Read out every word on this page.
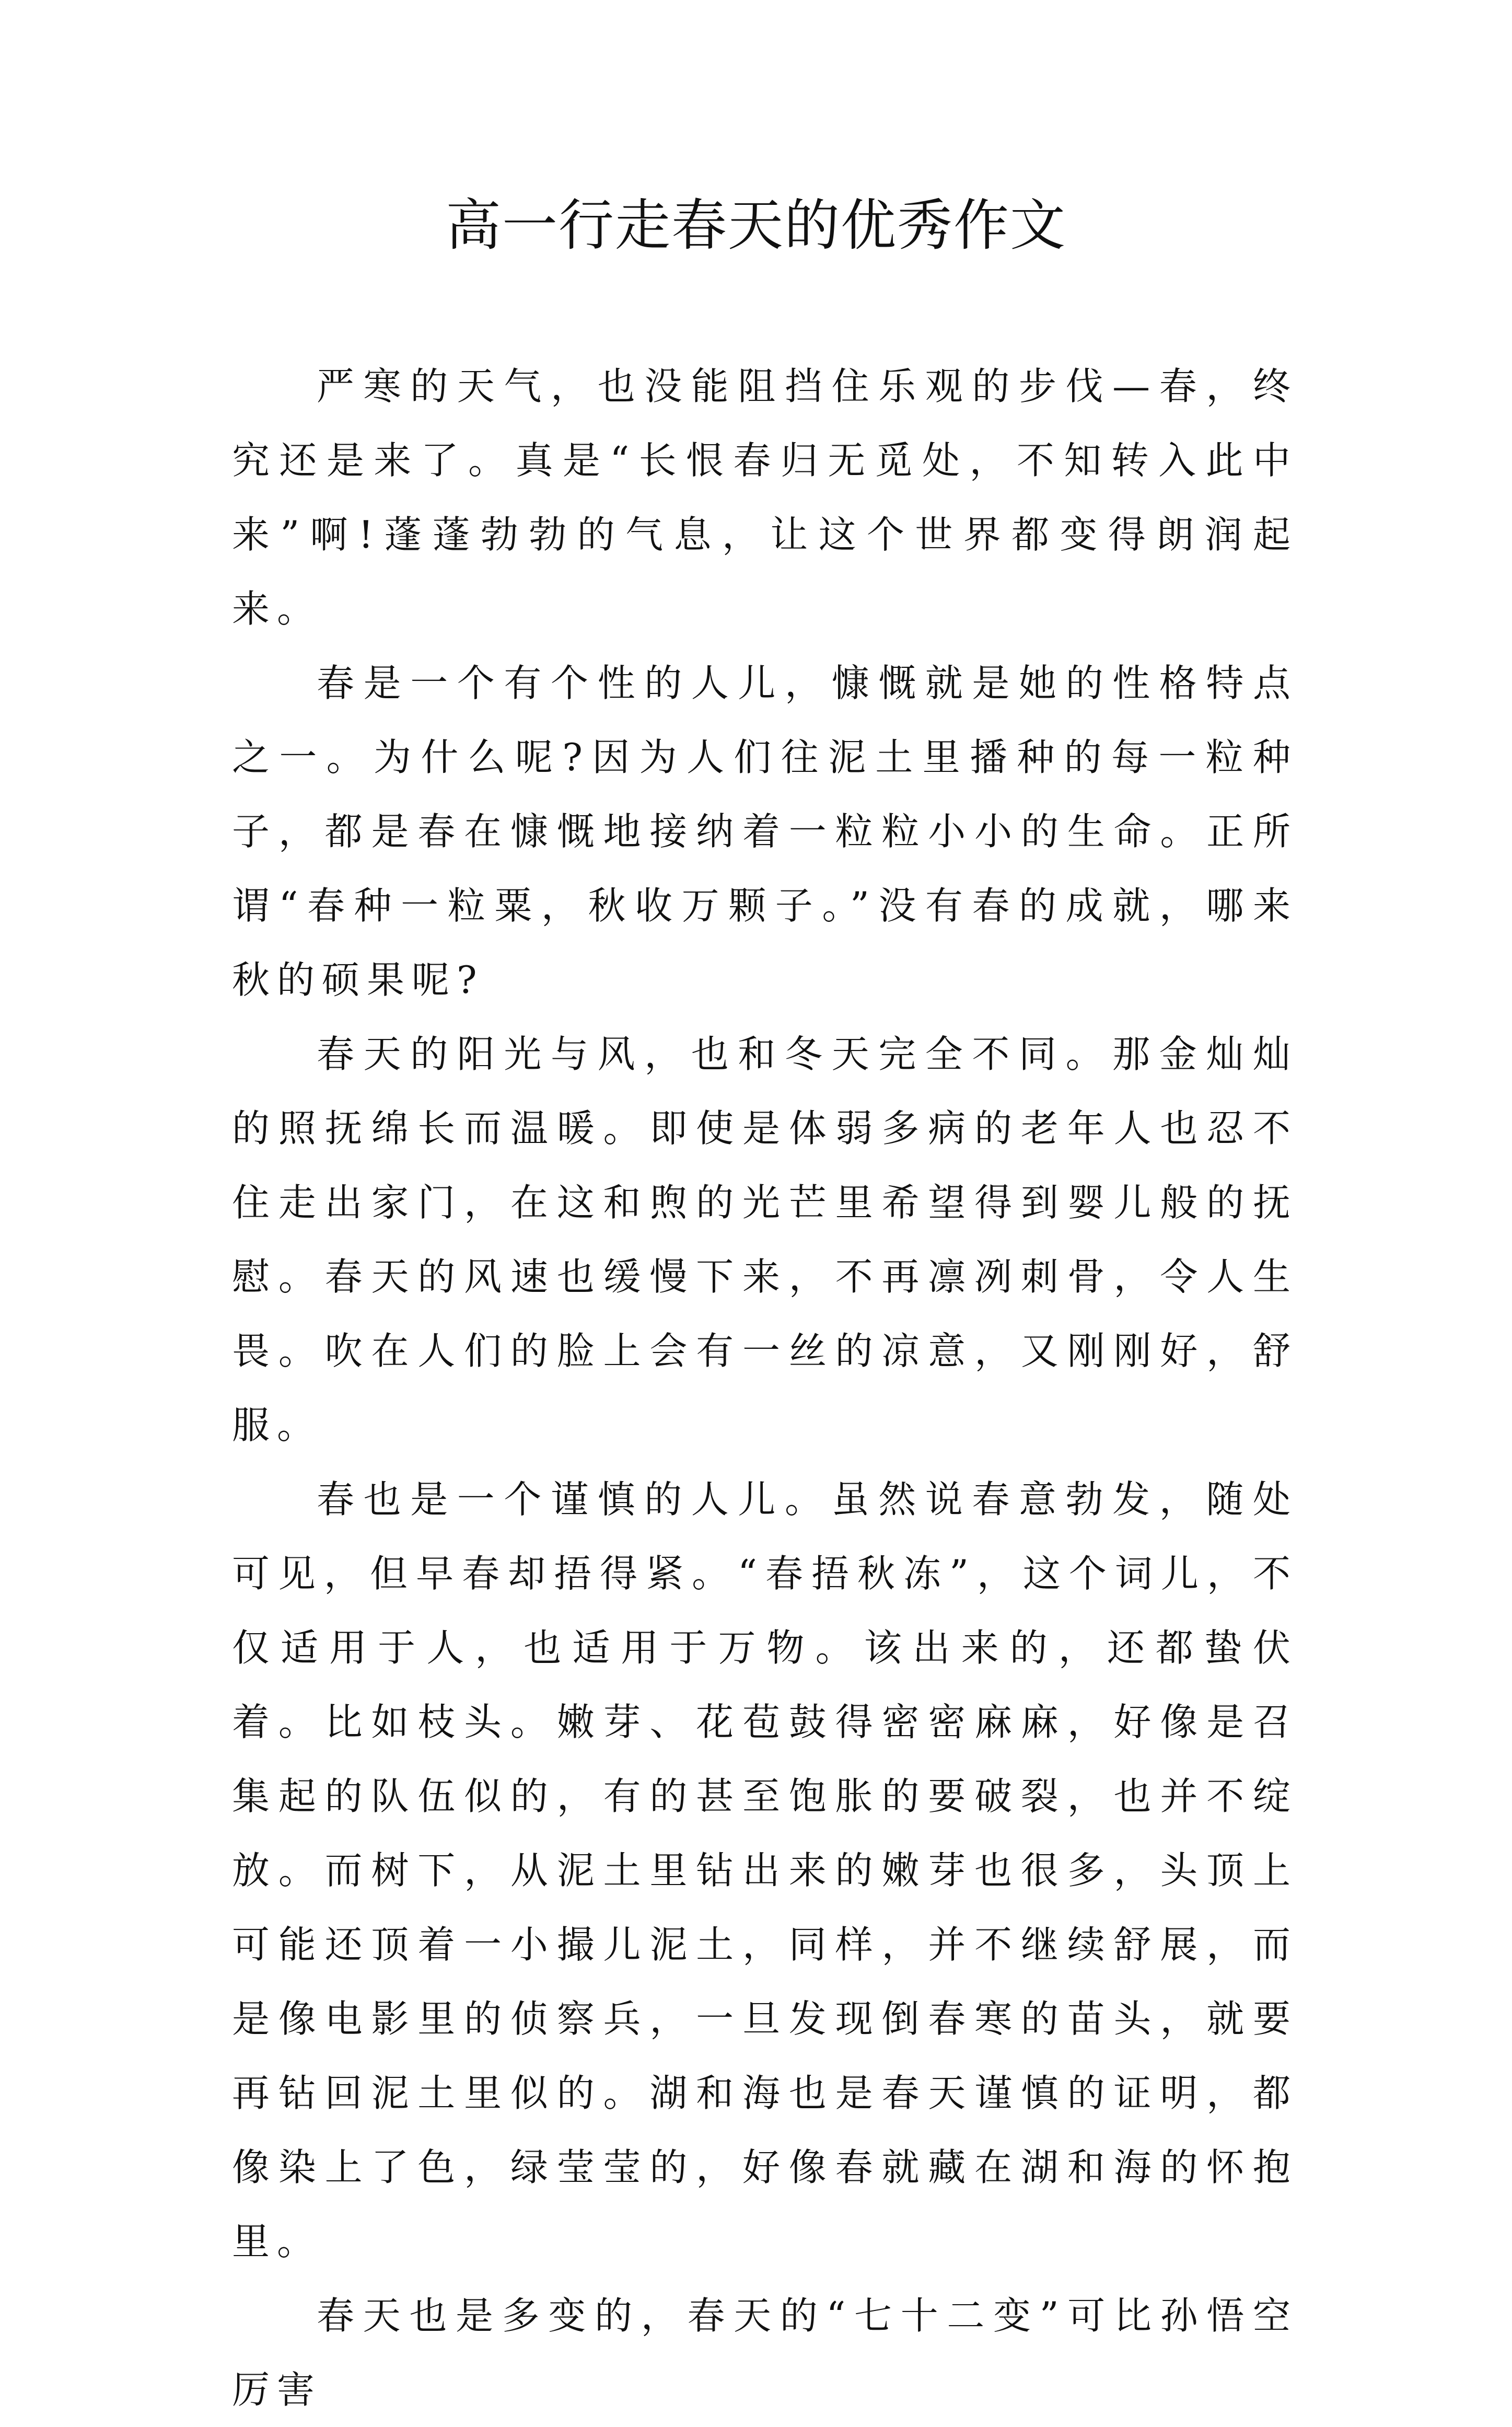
高一行走春天的优秀作文

严寒的天气，也没能阻挡住乐观的步伐—春，终究还是来了。真是“长恨春归无觅处，不知转入此中来”啊!蓬蓬勃勃的气息，让这个世界都变得朗润起来。

春是一个有个性的人儿，慷慨就是她的性格特点之一。为什么呢?因为人们往泥土里播种的每一粒种子，都是春在慷慨地接纳着一粒粒小小的生命。正所谓“春种一粒粟，秋收万颗子。”没有春的成就，哪来秋的硕果呢?

春天的阳光与风，也和冬天完全不同。那金灿灿的照抚绵长而温暖。即使是体弱多病的老年人也忍不住走出家门，在这和煦的光芒里希望得到婴儿般的抚慰。春天的风速也缓慢下来，不再凛冽刺骨，令人生畏。吹在人们的脸上会有一丝的凉意，又刚刚好，舒服。

春也是一个谨慎的人儿。虽然说春意勃发，随处可见，但早春却捂得紧。“春捂秋冻”，这个词儿，不仅适用于人，也适用于万物。该出来的，还都蛰伏着。比如枝头。嫩芽、花苞鼓得密密麻麻，好像是召集起的队伍似的，有的甚至饱胀的要破裂，也并不绽放。而树下，从泥土里钻出来的嫩芽也很多，头顶上可能还顶着一小撮儿泥土，同样，并不继续舒展，而是像电影里的侦察兵，一旦发现倒春寒的苗头，就要再钻回泥土里似的。湖和海也是春天谨慎的证明，都像染上了色，绿莹莹的，好像春就藏在湖和海的怀抱里。

春天也是多变的，春天的“七十二变”可比孙悟空厉害
